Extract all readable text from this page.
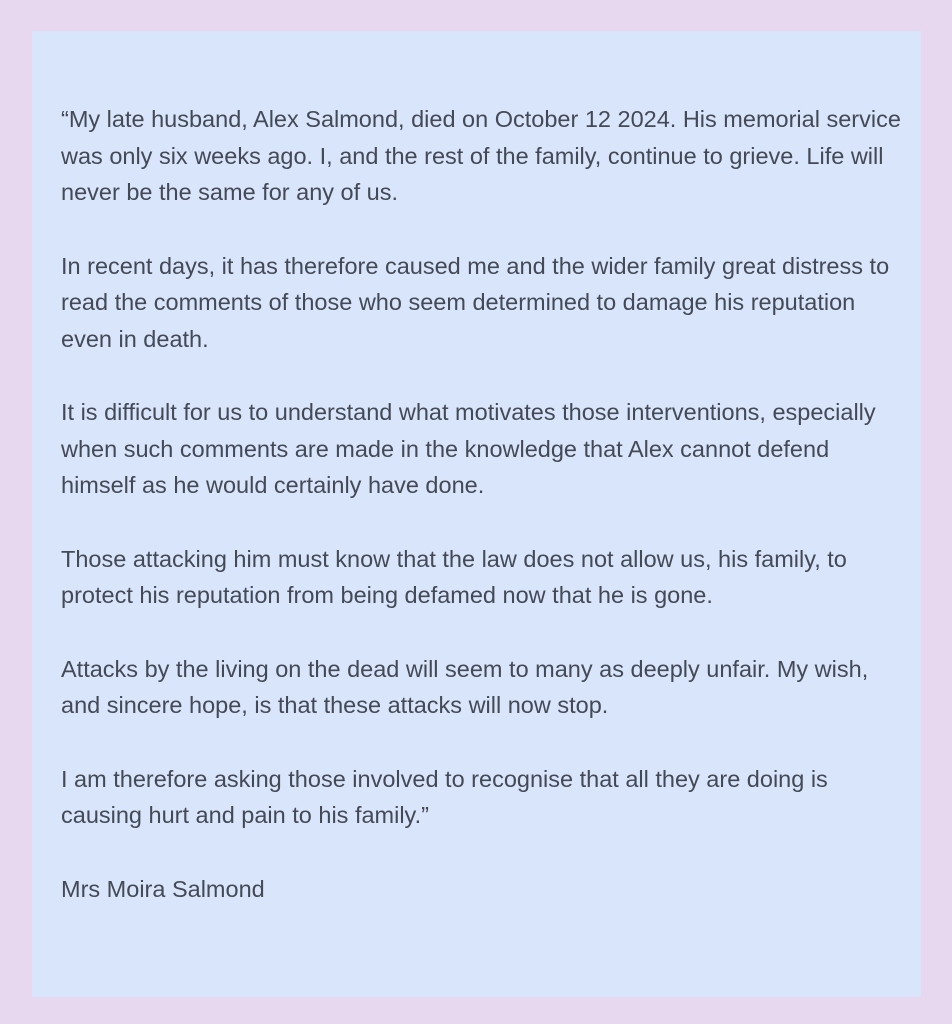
“My late husband, Alex Salmond, died on October 12 2024. His memorial service was only six weeks ago. I, and the rest of the family, continue to grieve. Life will never be the same for any of us.

In recent days, it has therefore caused me and the wider family great distress to read the comments of those who seem determined to damage his reputation even in death.

It is difficult for us to understand what motivates those interventions, especially when such comments are made in the knowledge that Alex cannot defend himself as he would certainly have done.

Those attacking him must know that the law does not allow us, his family, to protect his reputation from being defamed now that he is gone.

Attacks by the living on the dead will seem to many as deeply unfair. My wish, and sincere hope, is that these attacks will now stop.

I am therefore asking those involved to recognise that all they are doing is causing hurt and pain to his family.”

Mrs Moira Salmond
